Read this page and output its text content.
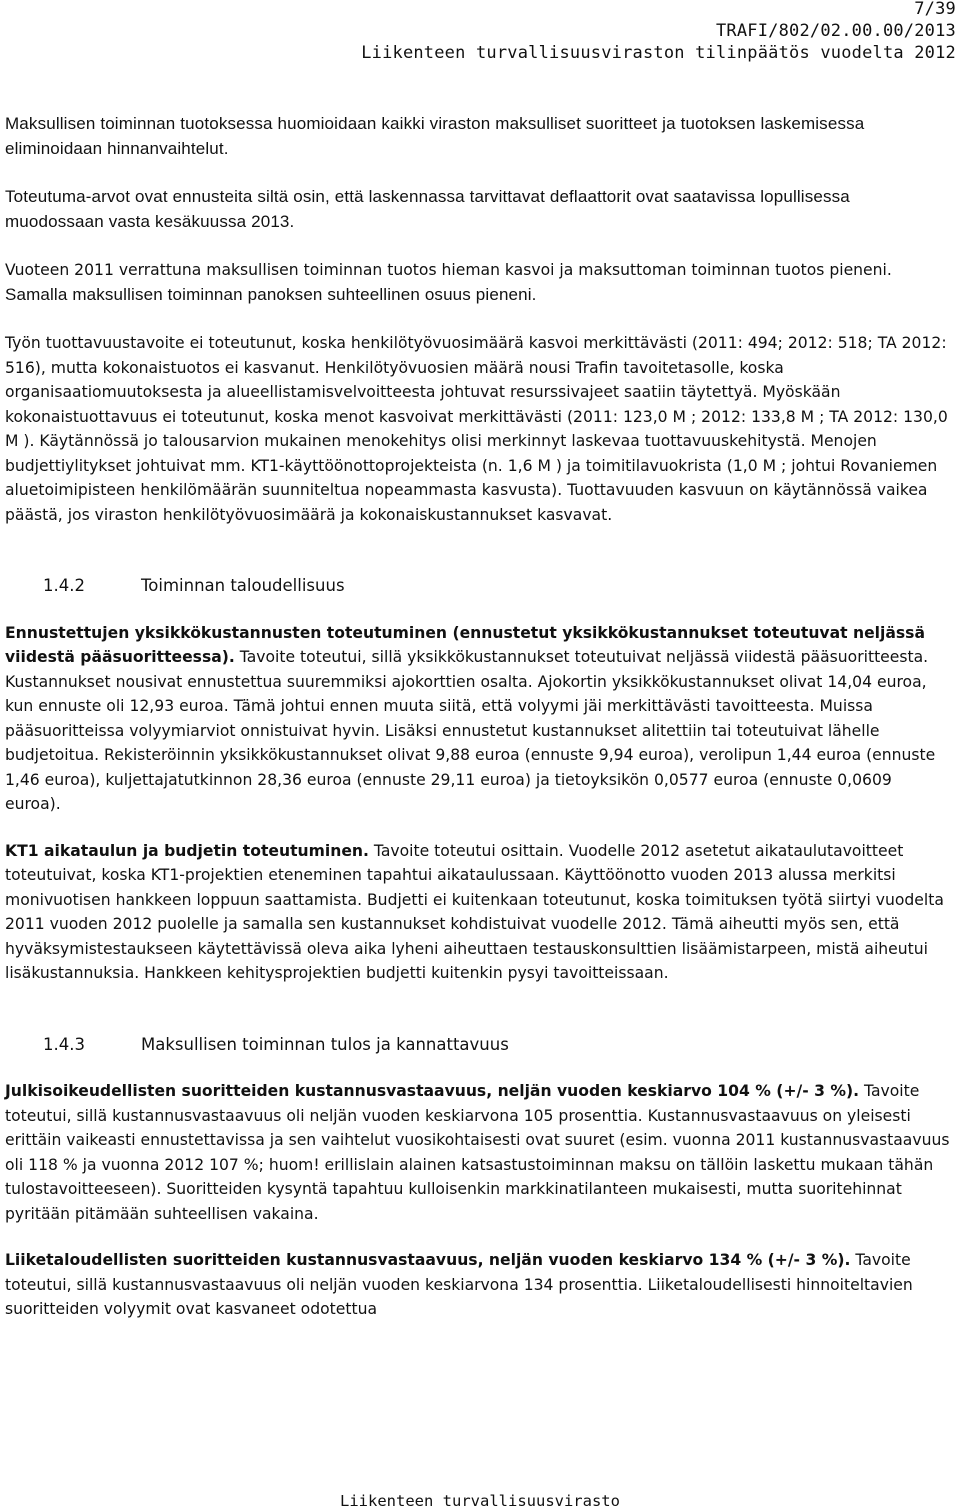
7/39
TRAFI/802/02.00.00/2013
Liikenteen turvallisuusviraston tilinpäätös vuodelta 2012

Maksullisen toiminnan tuotoksessa huomioidaan kaikki viraston maksulliset suoritteet ja tuotoksen laskemisessa eliminoidaan hinnanvaihtelut.

Toteutuma-arvot ovat ennusteita siltä osin, että laskennassa tarvittavat deflaattorit ovat saatavissa lopullisessa muodossaan vasta kesäkuussa 2013.

Vuoteen 2011 verrattuna maksullisen toiminnan tuotos hieman kasvoi ja maksuttoman toiminnan tuotos pieneni. Samalla maksullisen toiminnan panoksen suhteellinen osuus pieneni.

Työn tuottavuustavoite ei toteutunut, koska henkilötyövuosimäärä kasvoi merkittävästi (2011: 494; 2012: 518; TA 2012: 516), mutta kokonaistuotos ei kasvanut. Henkilötyövuosien määrä nousi Trafin tavoitetasolle, koska organisaatiomuutoksesta ja alueellistamisvelvoitteesta johtuvat resurssivajeet saatiin täytettyä. Myöskään kokonaistuottavuus ei toteutunut, koska menot kasvoivat merkittävästi (2011: 123,0 M ; 2012: 133,8 M ; TA 2012: 130,0 M ). Käytännössä jo talousarvion mukainen menokehitys olisi merkinnyt laskevaa tuottavuuskehitystä. Menojen budjettiylitykset johtuivat mm. KT1-käyttöönottoprojekteista (n. 1,6 M ) ja toimitilavuokrista (1,0 M ; johtui Rovaniemen aluetoimipisteen henkilömäärän suunniteltua nopeammasta kasvusta). Tuottavuuden kasvuun on käytännössä vaikea päästä, jos viraston henkilötyövuosimäärä ja kokonaiskustannukset kasvavat.

1.4.2	Toiminnan taloudellisuus

Ennustettujen yksikkökustannusten toteutuminen (ennustetut yksikkökustannukset toteutuvat neljässä viidestä pääsuoritteessa). Tavoite toteutui, sillä yksikkökustannukset toteutuivat neljässä viidestä pääsuoritteesta. Kustannukset nousivat ennustettua suuremmiksi ajokorttien osalta. Ajokortin yksikkökustannukset olivat 14,04 euroa, kun ennuste oli 12,93 euroa. Tämä johtui ennen muuta siitä, että volyymi jäi merkittävästi tavoitteesta. Muissa pääsuoritteissa volyymiarviot onnistuivat hyvin. Lisäksi ennustetut kustannukset alitettiin tai toteutuivat lähelle budjetoitua. Rekisteröinnin yksikkökustannukset olivat 9,88 euroa (ennuste 9,94 euroa), verolipun 1,44 euroa (ennuste 1,46 euroa), kuljettajatutkinnon 28,36 euroa (ennuste 29,11 euroa) ja tietoyksikön 0,0577 euroa (ennuste 0,0609 euroa).

KT1 aikataulun ja budjetin toteutuminen. Tavoite toteutui osittain. Vuodelle 2012 asetetut aikataulutavoitteet toteutuivat, koska KT1-projektien eteneminen tapahtui aikataulussaan. Käyttöönotto vuoden 2013 alussa merkitsi monivuotisen hankkeen loppuun saattamista. Budjetti ei kuitenkaan toteutunut, koska toimituksen työtä siirtyi vuodelta 2011 vuoden 2012 puolelle ja samalla sen kustannukset kohdistuivat vuodelle 2012. Tämä aiheutti myös sen, että hyväksymistestaukseen käytettävissä oleva aika lyheni aiheuttaen testauskonsulttien lisäämistarpeen, mistä aiheutui lisäkustannuksia. Hankkeen kehitysprojektien budjetti kuitenkin pysyi tavoitteissaan.

1.4.3	Maksullisen toiminnan tulos ja kannattavuus

Julkisoikeudellisten suoritteiden kustannusvastaavuus, neljän vuoden keskiarvo 104 % (+/- 3 %). Tavoite toteutui, sillä kustannusvastaavuus oli neljän vuoden keskiarvona 105 prosenttia. Kustannusvastaavuus on yleisesti erittäin vaikeasti ennustettavissa ja sen vaihtelut vuosikohtaisesti ovat suuret (esim. vuonna 2011 kustannusvastaavuus oli 118 % ja vuonna 2012 107 %; huom! erillislain alainen katsastustoiminnan maksu on tällöin laskettu mukaan tähän tulostavoitteeseen). Suoritteiden kysyntä tapahtuu kulloisenkin markkinatilanteen mukaisesti, mutta suoritehinnat pyritään pitämään suhteellisen vakaina.

Liiketaloudellisten suoritteiden kustannusvastaavuus, neljän vuoden keskiarvo 134 % (+/- 3 %). Tavoite toteutui, sillä kustannusvastaavuus oli neljän vuoden keskiarvona 134 prosenttia. Liiketaloudellisesti hinnoiteltavien suoritteiden volyymit ovat kasvaneet odotettua

Liikenteen turvallisuusvirasto
